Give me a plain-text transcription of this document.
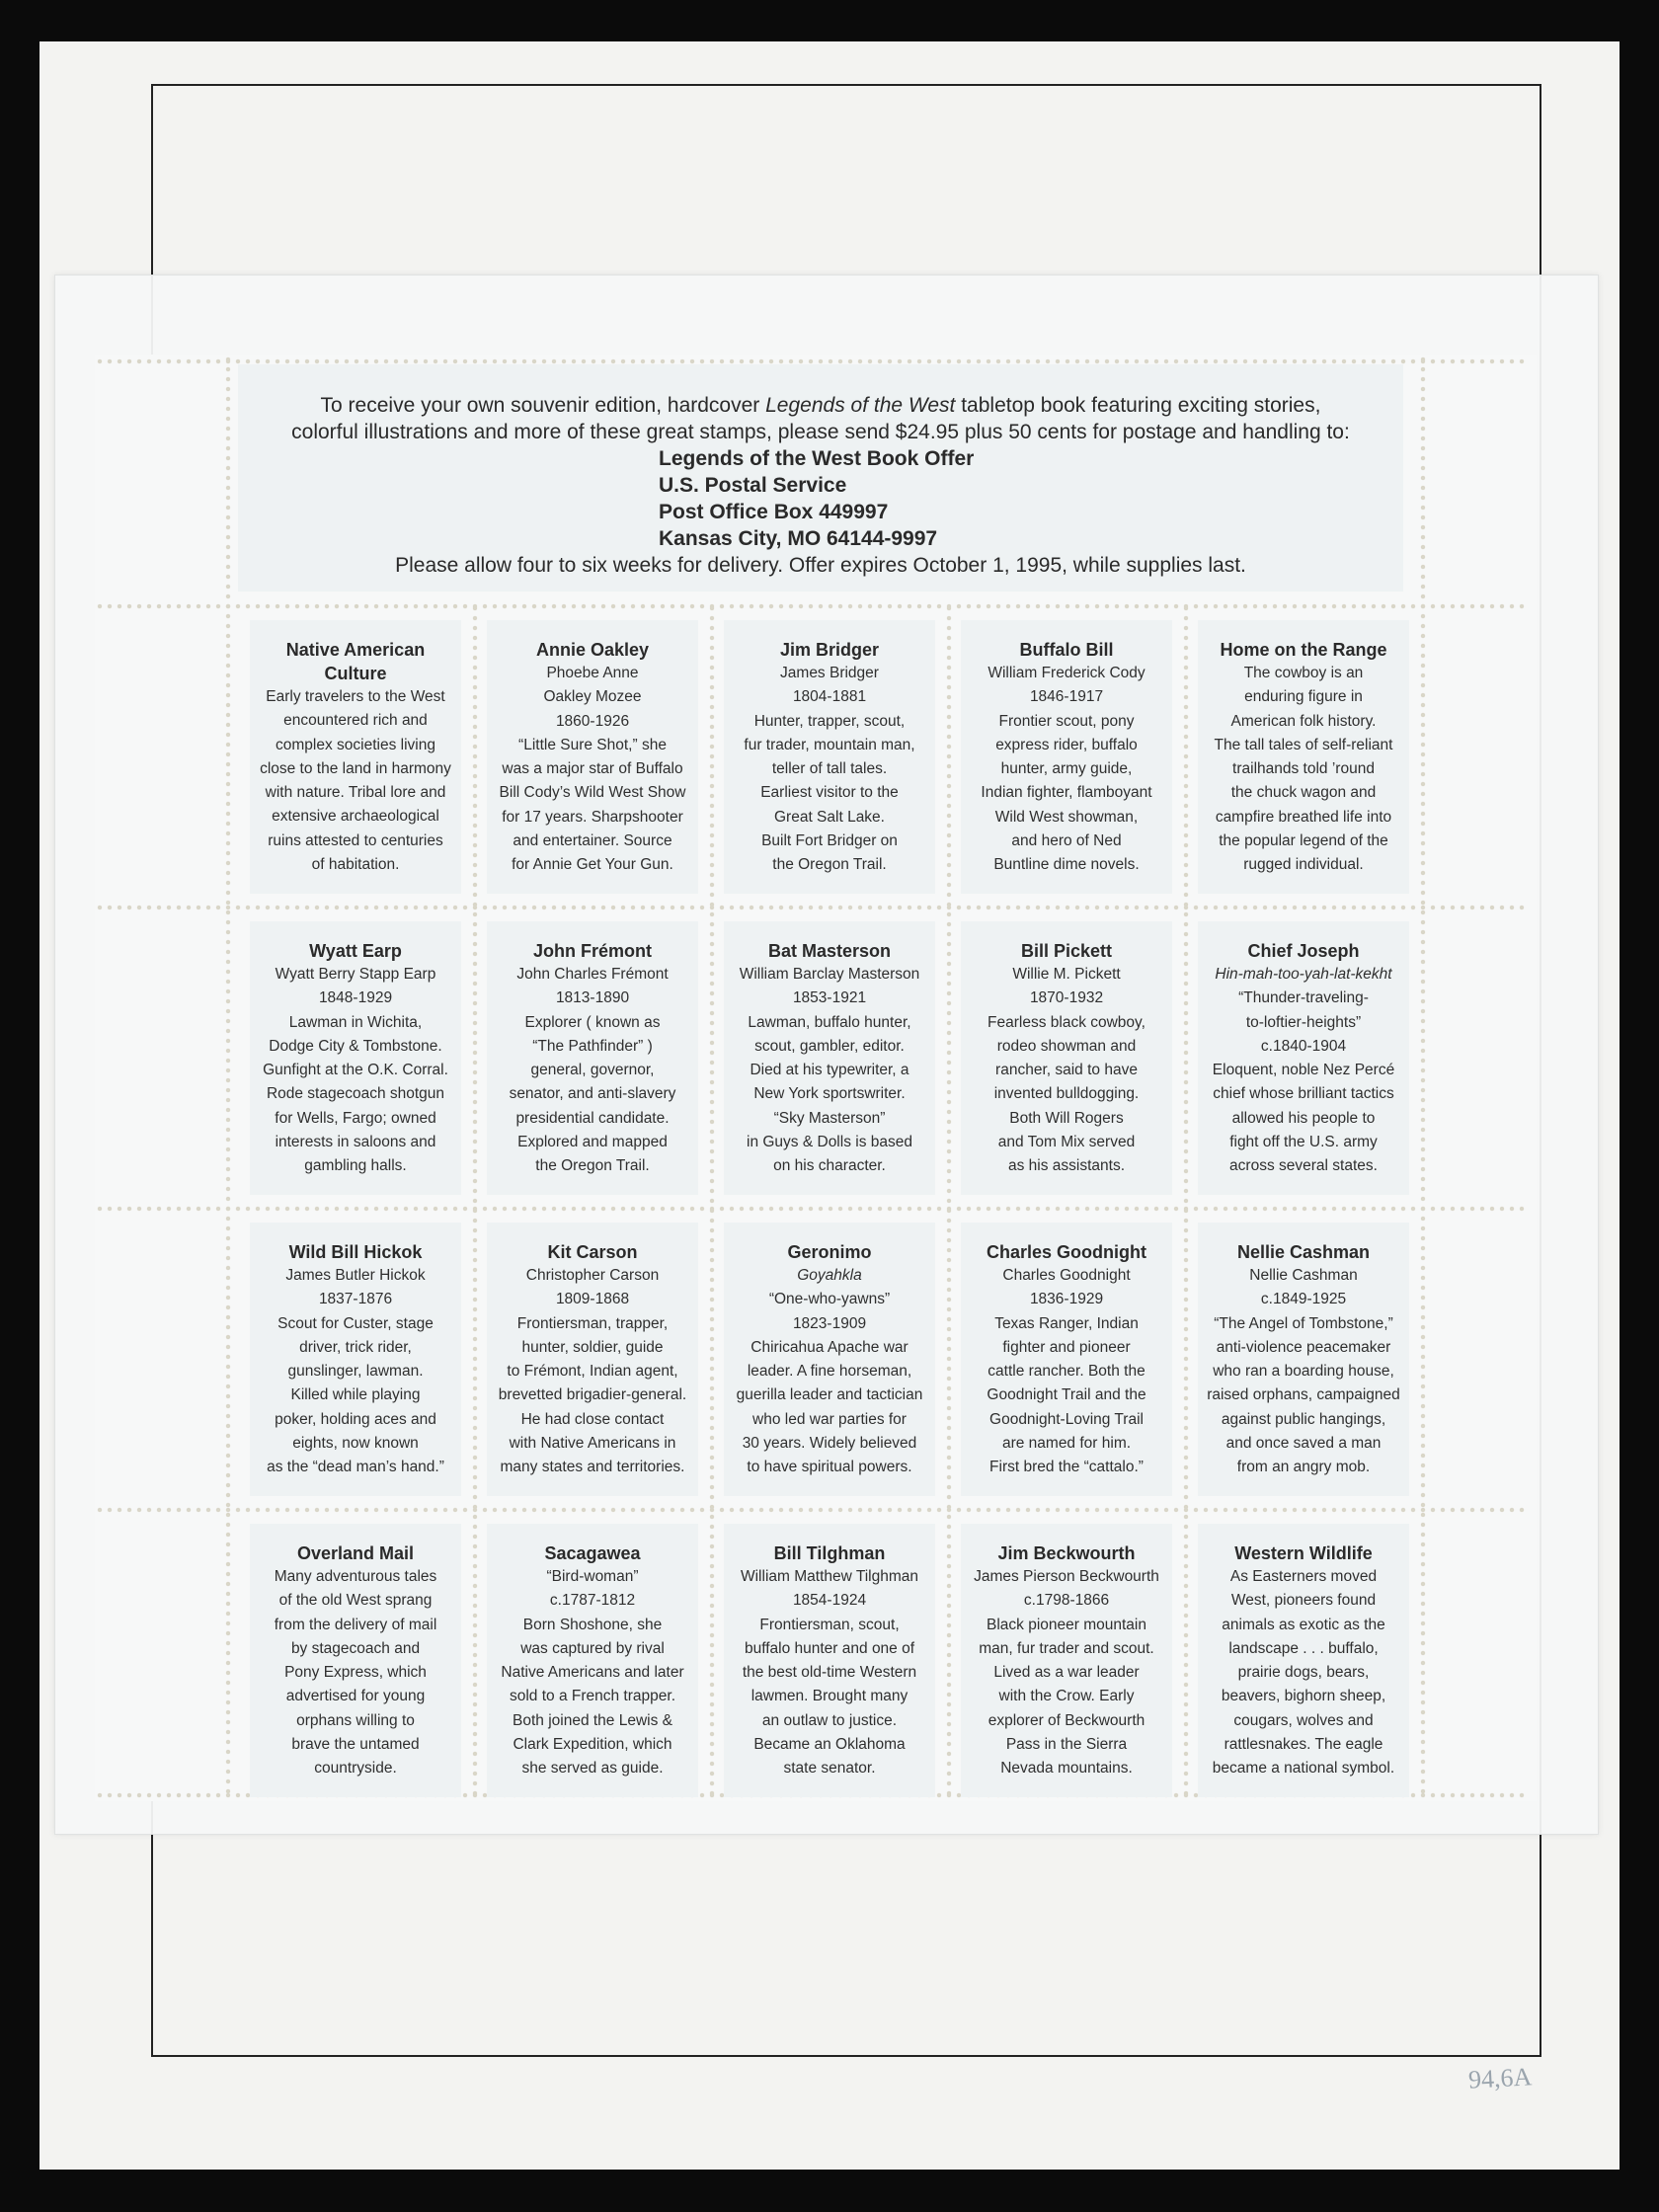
To receive your own souvenir edition, hardcover Legends of the West tabletop book featuring exciting stories,
colorful illustrations and more of these great stamps, please send $24.95 plus 50 cents for postage and handling to:
Legends of the West Book Offer
U.S. Postal Service
Post Office Box 449997
Kansas City, MO 64144-9997
Please allow four to six weeks for delivery. Offer expires October 1, 1995, while supplies last.
Native American
Culture
Early travelers to the West
encountered rich and
complex societies living
close to the land in harmony
with nature. Tribal lore and
extensive archaeological
ruins attested to centuries
of habitation.
Annie Oakley
Phoebe Anne
Oakley Mozee
1860-1926
“Little Sure Shot,” she
was a major star of Buffalo
Bill Cody’s Wild West Show
for 17 years. Sharpshooter
and entertainer. Source
for Annie Get Your Gun.
Jim Bridger
James Bridger
1804-1881
Hunter, trapper, scout,
fur trader, mountain man,
teller of tall tales.
Earliest visitor to the
Great Salt Lake.
Built Fort Bridger on
the Oregon Trail.
Buffalo Bill
William Frederick Cody
1846-1917
Frontier scout, pony
express rider, buffalo
hunter, army guide,
Indian fighter, flamboyant
Wild West showman,
and hero of Ned
Buntline dime novels.
Home on the Range
The cowboy is an
enduring figure in
American folk history.
The tall tales of self-reliant
trailhands told ’round
the chuck wagon and
campfire breathed life into
the popular legend of the
rugged individual.
Wyatt Earp
Wyatt Berry Stapp Earp
1848-1929
Lawman in Wichita,
Dodge City & Tombstone.
Gunfight at the O.K. Corral.
Rode stagecoach shotgun
for Wells, Fargo; owned
interests in saloons and
gambling halls.
John Frémont
John Charles Frémont
1813-1890
Explorer ( known as
“The Pathfinder” )
general, governor,
senator, and anti-slavery
presidential candidate.
Explored and mapped
the Oregon Trail.
Bat Masterson
William Barclay Masterson
1853-1921
Lawman, buffalo hunter,
scout, gambler, editor.
Died at his typewriter, a
New York sportswriter.
“Sky Masterson”
in Guys & Dolls is based
on his character.
Bill Pickett
Willie M. Pickett
1870-1932
Fearless black cowboy,
rodeo showman and
rancher, said to have
invented bulldogging.
Both Will Rogers
and Tom Mix served
as his assistants.
Chief Joseph
Hin-mah-too-yah-lat-kekht
“Thunder-traveling-
to-loftier-heights”
c.1840-1904
Eloquent, noble Nez Percé
chief whose brilliant tactics
allowed his people to
fight off the U.S. army
across several states.
Wild Bill Hickok
James Butler Hickok
1837-1876
Scout for Custer, stage
driver, trick rider,
gunslinger, lawman.
Killed while playing
poker, holding aces and
eights, now known
as the “dead man’s hand.”
Kit Carson
Christopher Carson
1809-1868
Frontiersman, trapper,
hunter, soldier, guide
to Frémont, Indian agent,
brevetted brigadier-general.
He had close contact
with Native Americans in
many states and territories.
Geronimo
Goyahkla
“One-who-yawns”
1823-1909
Chiricahua Apache war
leader. A fine horseman,
guerilla leader and tactician
who led war parties for
30 years. Widely believed
to have spiritual powers.
Charles Goodnight
Charles Goodnight
1836-1929
Texas Ranger, Indian
fighter and pioneer
cattle rancher. Both the
Goodnight Trail and the
Goodnight-Loving Trail
are named for him.
First bred the “cattalo.”
Nellie Cashman
Nellie Cashman
c.1849-1925
“The Angel of Tombstone,”
anti-violence peacemaker
who ran a boarding house,
raised orphans, campaigned
against public hangings,
and once saved a man
from an angry mob.
Overland Mail
Many adventurous tales
of the old West sprang
from the delivery of mail
by stagecoach and
Pony Express, which
advertised for young
orphans willing to
brave the untamed
countryside.
Sacagawea
“Bird-woman”
c.1787-1812
Born Shoshone, she
was captured by rival
Native Americans and later
sold to a French trapper.
Both joined the Lewis &
Clark Expedition, which
she served as guide.
Bill Tilghman
William Matthew Tilghman
1854-1924
Frontiersman, scout,
buffalo hunter and one of
the best old-time Western
lawmen. Brought many
an outlaw to justice.
Became an Oklahoma
state senator.
Jim Beckwourth
James Pierson Beckwourth
c.1798-1866
Black pioneer mountain
man, fur trader and scout.
Lived as a war leader
with the Crow. Early
explorer of Beckwourth
Pass in the Sierra
Nevada mountains.
Western Wildlife
As Easterners moved
West, pioneers found
animals as exotic as the
landscape . . . buffalo,
prairie dogs, bears,
beavers, bighorn sheep,
cougars, wolves and
rattlesnakes. The eagle
became a national symbol.
94,6A
